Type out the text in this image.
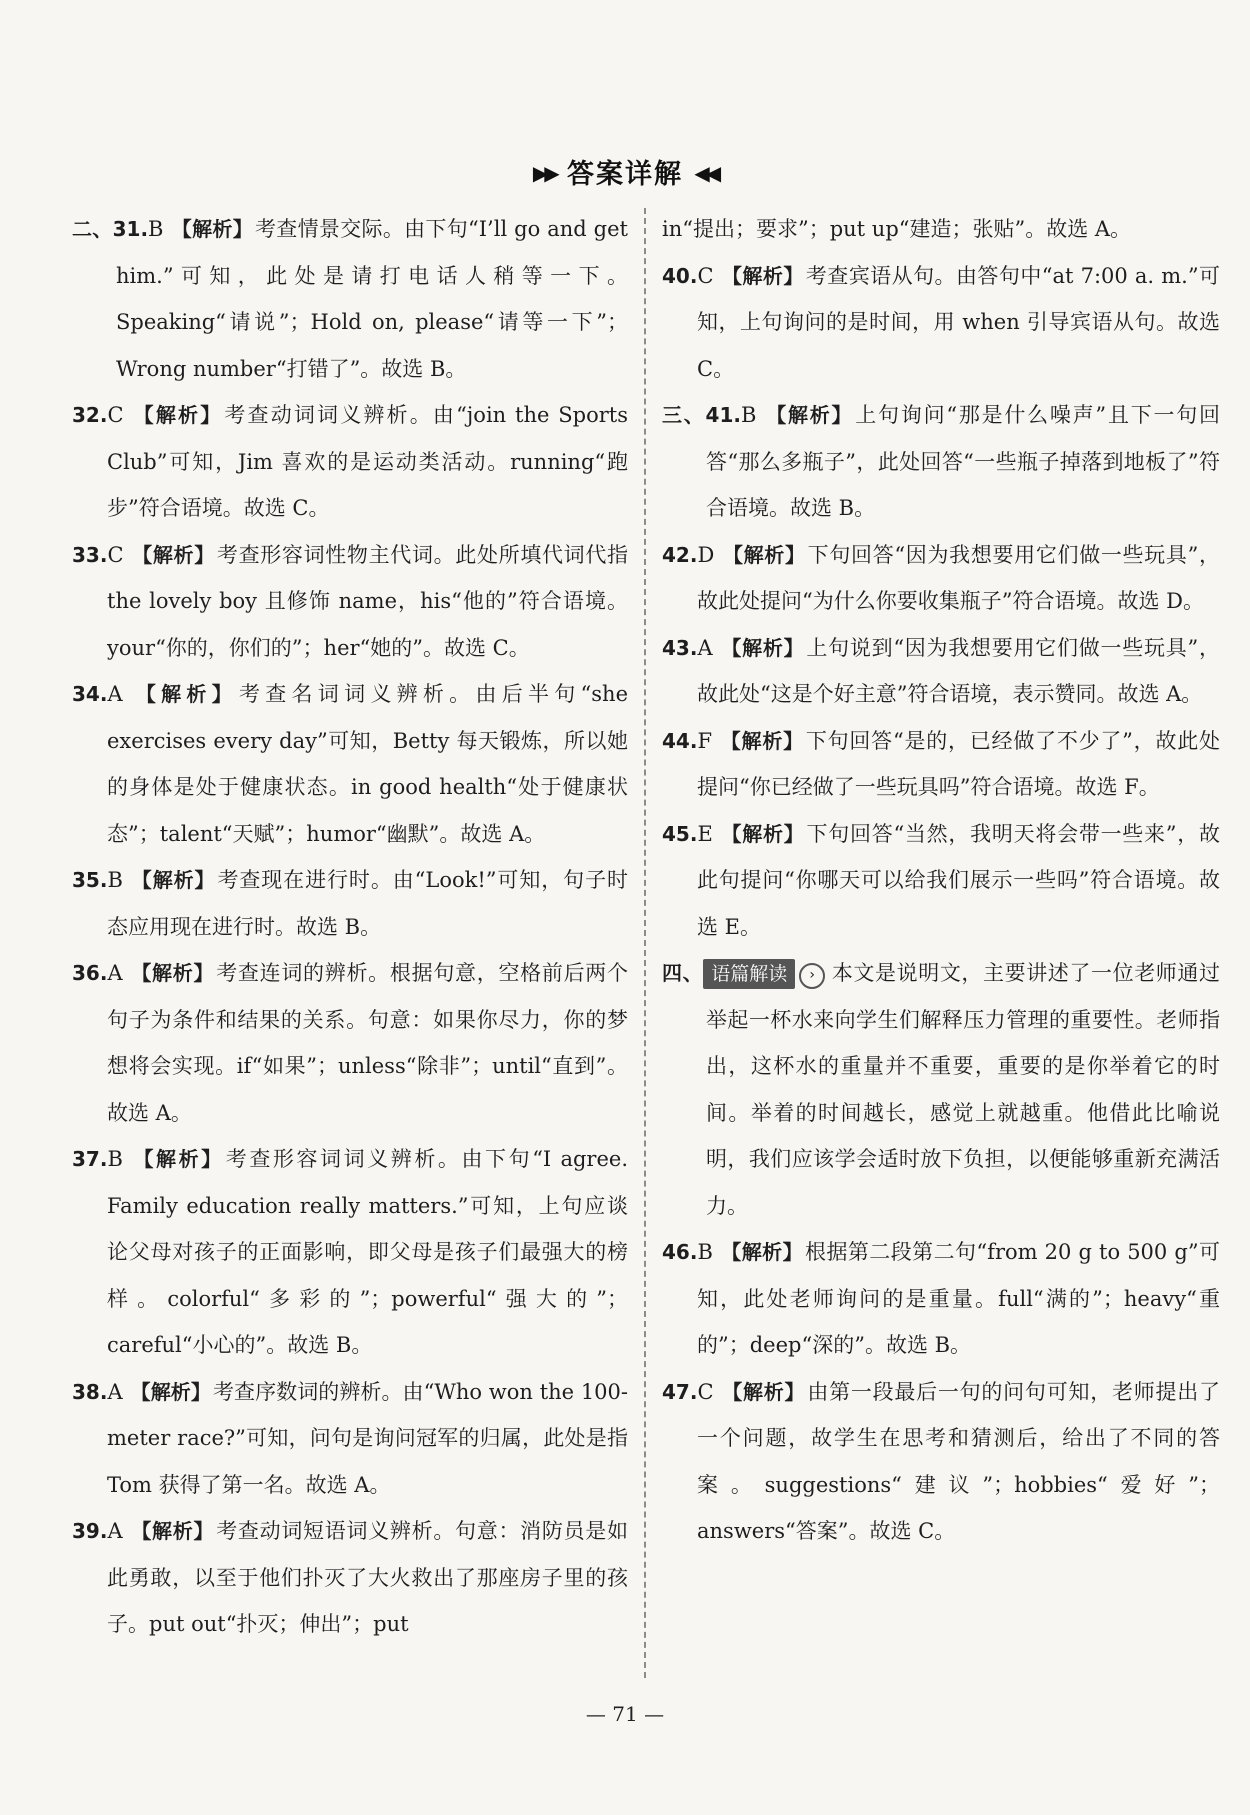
▶▶ 答案详解 ◀◀

二、31.B 【解析】考查情景交际。由下句“I’ll go and get him.”可知，此处是请打电话人稍等一下。Speaking“请说”；Hold on, please“请等一下”；Wrong number“打错了”。故选 B。

32.C 【解析】考查动词词义辨析。由“join the Sports Club”可知，Jim 喜欢的是运动类活动。running“跑步”符合语境。故选 C。

33.C 【解析】考查形容词性物主代词。此处所填代词代指 the lovely boy 且修饰 name，his“他的”符合语境。your“你的，你们的”；her“她的”。故选 C。

34.A 【解析】考查名词词义辨析。由后半句“she exercises every day”可知，Betty 每天锻炼，所以她的身体是处于健康状态。in good health“处于健康状态”；talent“天赋”；humor“幽默”。故选 A。

35.B 【解析】考查现在进行时。由“Look!”可知，句子时态应用现在进行时。故选 B。

36.A 【解析】考查连词的辨析。根据句意，空格前后两个句子为条件和结果的关系。句意：如果你尽力，你的梦想将会实现。if“如果”；unless“除非”；until“直到”。故选 A。

37.B 【解析】考查形容词词义辨析。由下句“I agree. Family education really matters.”可知，上句应谈论父母对孩子的正面影响，即父母是孩子们最强大的榜样。colorful“多彩的”；powerful“强大的”；careful“小心的”。故选 B。

38.A 【解析】考查序数词的辨析。由“Who won the 100-meter race?”可知，问句是询问冠军的归属，此处是指 Tom 获得了第一名。故选 A。

39.A 【解析】考查动词短语词义辨析。句意：消防员是如此勇敢，以至于他们扑灭了大火救出了那座房子里的孩子。put out“扑灭；伸出”；put

in“提出；要求”；put up“建造；张贴”。故选 A。

40.C 【解析】考查宾语从句。由答句中“at 7:00 a. m.”可知，上句询问的是时间，用 when 引导宾语从句。故选 C。

三、41.B 【解析】上句询问“那是什么噪声”且下一句回答“那么多瓶子”，此处回答“一些瓶子掉落到地板了”符合语境。故选 B。

42.D 【解析】下句回答“因为我想要用它们做一些玩具”，故此处提问“为什么你要收集瓶子”符合语境。故选 D。

43.A 【解析】上句说到“因为我想要用它们做一些玩具”，故此处“这是个好主意”符合语境，表示赞同。故选 A。

44.F 【解析】下句回答“是的，已经做了不少了”，故此处提问“你已经做了一些玩具吗”符合语境。故选 F。

45.E 【解析】下句回答“当然，我明天将会带一些来”，故此句提问“你哪天可以给我们展示一些吗”符合语境。故选 E。

四、 语篇解读 › 本文是说明文，主要讲述了一位老师通过举起一杯水来向学生们解释压力管理的重要性。老师指出，这杯水的重量并不重要，重要的是你举着它的时间。举着的时间越长，感觉上就越重。他借此比喻说明，我们应该学会适时放下负担，以便能够重新充满活力。

46.B 【解析】根据第二段第二句“from 20 g to 500 g”可知，此处老师询问的是重量。full“满的”；heavy“重的”；deep“深的”。故选 B。

47.C 【解析】由第一段最后一句的问句可知，老师提出了一个问题，故学生在思考和猜测后，给出了不同的答案。suggestions“建议”；hobbies“爱好”；answers“答案”。故选 C。

— 71 —
